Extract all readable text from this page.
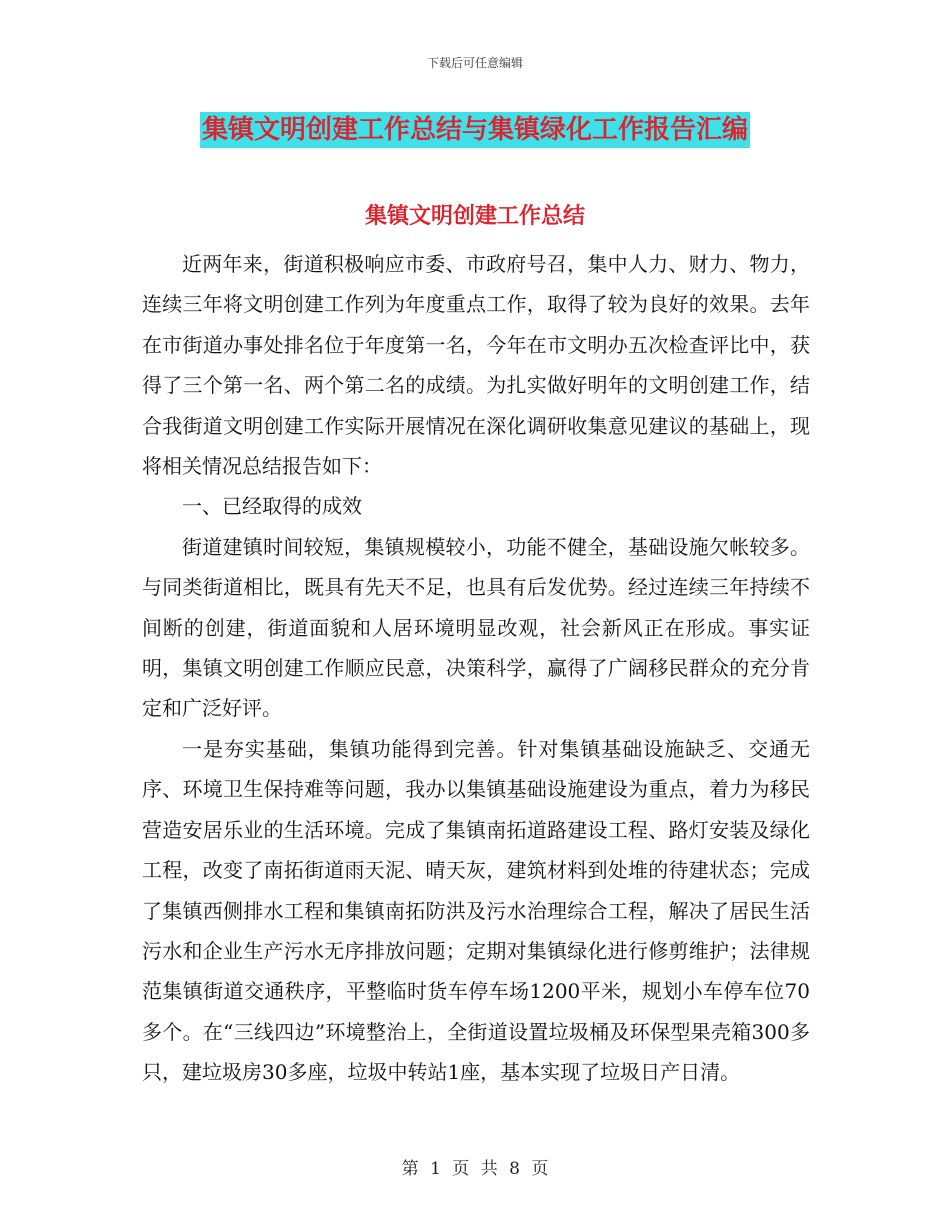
下载后可任意编辑
集镇文明创建工作总结与集镇绿化工作报告汇编
集镇文明创建工作总结

近两年来，街道积极响应市委、市政府号召，集中人力、财力、物力，连续三年将文明创建工作列为年度重点工作，取得了较为良好的效果。去年在市街道办事处排名位于年度第一名，今年在市文明办五次检查评比中，获得了三个第一名、两个第二名的成绩。为扎实做好明年的文明创建工作，结合我街道文明创建工作实际开展情况在深化调研收集意见建议的基础上，现将相关情况总结报告如下：

一、已经取得的成效

街道建镇时间较短，集镇规模较小，功能不健全，基础设施欠帐较多。与同类街道相比，既具有先天不足，也具有后发优势。经过连续三年持续不间断的创建，街道面貌和人居环境明显改观，社会新风正在形成。事实证明，集镇文明创建工作顺应民意，决策科学，赢得了广阔移民群众的充分肯定和广泛好评。

一是夯实基础，集镇功能得到完善。针对集镇基础设施缺乏、交通无序、环境卫生保持难等问题，我办以集镇基础设施建设为重点，着力为移民营造安居乐业的生活环境。完成了集镇南拓道路建设工程、路灯安装及绿化工程，改变了南拓街道雨天泥、晴天灰，建筑材料到处堆的待建状态；完成了集镇西侧排水工程和集镇南拓防洪及污水治理综合工程，解决了居民生活污水和企业生产污水无序排放问题；定期对集镇绿化进行修剪维护；法律规范集镇街道交通秩序，平整临时货车停车场1200平米，规划小车停车位70多个。在“三线四边”环境整治上，全街道设置垃圾桶及环保型果壳箱300多只，建垃圾房30多座，垃圾中转站1座，基本实现了垃圾日产日清。

第 1 页 共 8 页
